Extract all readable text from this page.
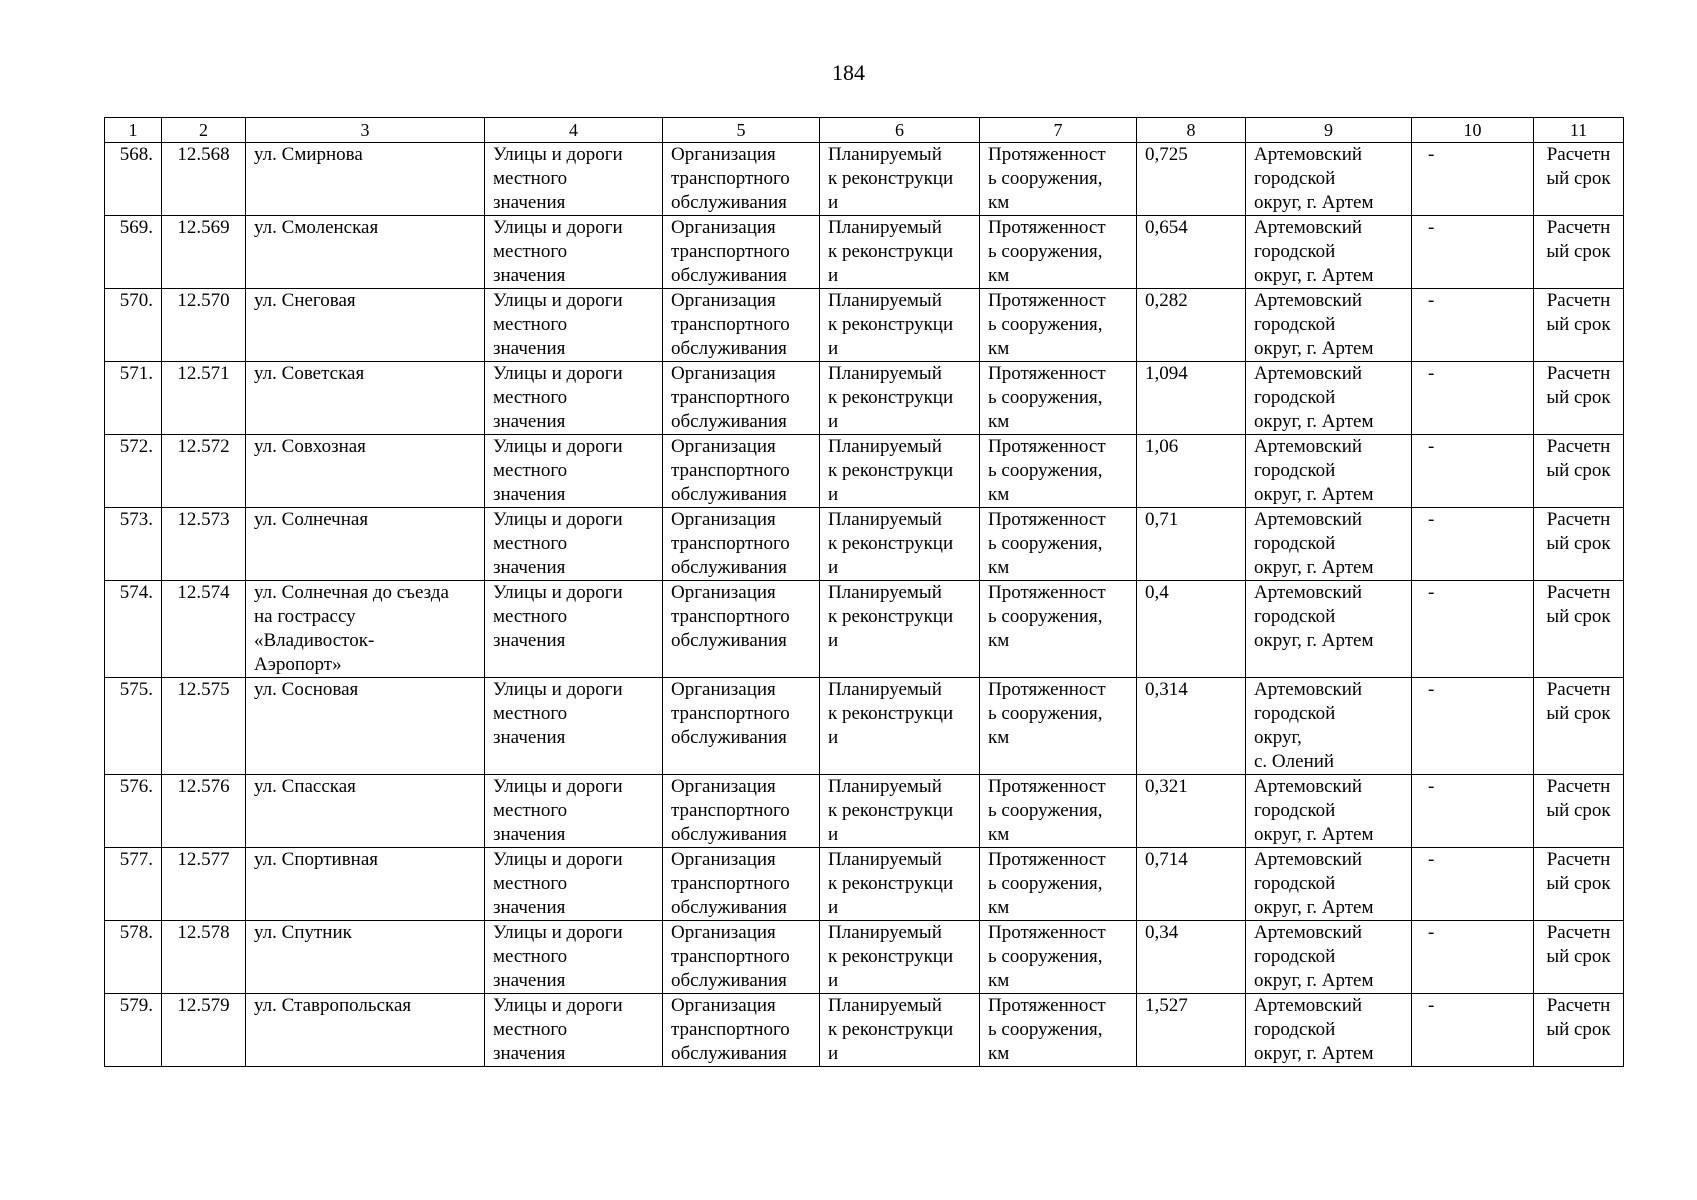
184
1	2	3	4	5	6	7	8	9	10	11
568.	12.568	ул. Смирнова	Улицы и дороги
местного
значения	Организация
транспортного
обслуживания	Планируемый
к реконструкци
и	Протяженност
ь сооружения,
км	0,725	Артемовский
городской
округ, г. Артем	-	Расчетн
ый срок
569.	12.569	ул. Смоленская	Улицы и дороги
местного
значения	Организация
транспортного
обслуживания	Планируемый
к реконструкци
и	Протяженност
ь сооружения,
км	0,654	Артемовский
городской
округ, г. Артем	-	Расчетн
ый срок
570.	12.570	ул. Снеговая	Улицы и дороги
местного
значения	Организация
транспортного
обслуживания	Планируемый
к реконструкци
и	Протяженност
ь сооружения,
км	0,282	Артемовский
городской
округ, г. Артем	-	Расчетн
ый срок
571.	12.571	ул. Советская	Улицы и дороги
местного
значения	Организация
транспортного
обслуживания	Планируемый
к реконструкци
и	Протяженност
ь сооружения,
км	1,094	Артемовский
городской
округ, г. Артем	-	Расчетн
ый срок
572.	12.572	ул. Совхозная	Улицы и дороги
местного
значения	Организация
транспортного
обслуживания	Планируемый
к реконструкци
и	Протяженност
ь сооружения,
км	1,06	Артемовский
городской
округ, г. Артем	-	Расчетн
ый срок
573.	12.573	ул. Солнечная	Улицы и дороги
местного
значения	Организация
транспортного
обслуживания	Планируемый
к реконструкци
и	Протяженност
ь сооружения,
км	0,71	Артемовский
городской
округ, г. Артем	-	Расчетн
ый срок
574.	12.574	ул. Солнечная до съезда
на гострассу
«Владивосток-
Аэропорт»	Улицы и дороги
местного
значения	Организация
транспортного
обслуживания	Планируемый
к реконструкци
и	Протяженност
ь сооружения,
км	0,4	Артемовский
городской
округ, г. Артем	-	Расчетн
ый срок
575.	12.575	ул. Сосновая	Улицы и дороги
местного
значения	Организация
транспортного
обслуживания	Планируемый
к реконструкци
и	Протяженност
ь сооружения,
км	0,314	Артемовский
городской
округ,
с. Олений	-	Расчетн
ый срок
576.	12.576	ул. Спасская	Улицы и дороги
местного
значения	Организация
транспортного
обслуживания	Планируемый
к реконструкци
и	Протяженност
ь сооружения,
км	0,321	Артемовский
городской
округ, г. Артем	-	Расчетн
ый срок
577.	12.577	ул. Спортивная	Улицы и дороги
местного
значения	Организация
транспортного
обслуживания	Планируемый
к реконструкци
и	Протяженност
ь сооружения,
км	0,714	Артемовский
городской
округ, г. Артем	-	Расчетн
ый срок
578.	12.578	ул. Спутник	Улицы и дороги
местного
значения	Организация
транспортного
обслуживания	Планируемый
к реконструкци
и	Протяженност
ь сооружения,
км	0,34	Артемовский
городской
округ, г. Артем	-	Расчетн
ый срок
579.	12.579	ул. Ставропольская	Улицы и дороги
местного
значения	Организация
транспортного
обслуживания	Планируемый
к реконструкци
и	Протяженност
ь сооружения,
км	1,527	Артемовский
городской
округ, г. Артем	-	Расчетн
ый срок
